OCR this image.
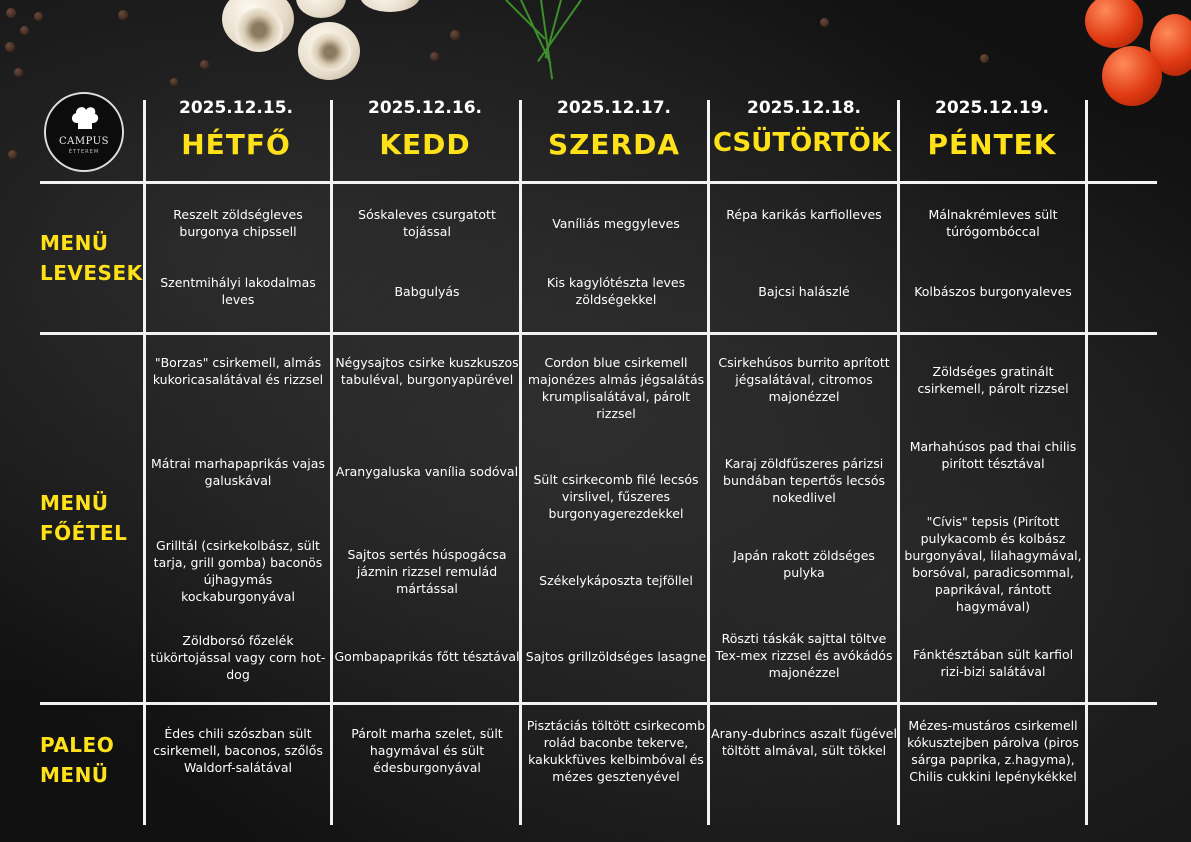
CAMPUS
ÉTTEREM
2025.12.15.
HÉTFŐ
2025.12.16.
KEDD
2025.12.17.
SZERDA
2025.12.18.
CSÜTÖRTÖK
2025.12.19.
PÉNTEK
MENÜ
LEVESEK
MENÜ
FŐÉTEL
PALEO
MENÜ
Reszelt zöldségleves burgonya chipssell
Szentmihályi lakodalmas leves
Sóskaleves csurgatott tojással
Babgulyás
Vaníliás meggyleves
Kis kagylótészta leves zöldségekkel
Répa karikás karfiolleves
Bajcsi halászlé
Málnakrémleves sült túrógombóccal
Kolbászos burgonyaleves
"Borzas" csirkemell, almás kukoricasalátával és rizzsel
Mátrai marhapaprikás vajas galuskával
Grilltál (csirkekolbász, sült tarja, grill gomba) baconös újhagymás kockaburgonyával
Zöldborsó főzelék tükörtojással vagy corn hot-dog
Négysajtos csirke kuszkuszos tabuléval, burgonyapürével
Aranygaluska vanília sodóval
Sajtos sertés húspogácsa jázmin rizzsel remulád mártással
Gombapaprikás főtt tésztával
Cordon blue csirkemell majonézes almás jégsalátás krumplisalátával, párolt rizzsel
Sült csirkecomb filé lecsós virslivel, fűszeres burgonyagerezdekkel
Székelykáposzta tejföllel
Sajtos grillzöldséges lasagne
Csirkehúsos burrito aprított jégsalátával, citromos majonézzel
Karaj zöldfűszeres párizsi bundában tepertős lecsós nokedlivel
Japán rakott zöldséges pulyka
Röszti táskák sajttal töltve Tex-mex rizzsel és avókádós majonézzel
Zöldséges gratinált csirkemell, párolt rizzsel
Marhahúsos pad thai chilis pirított tésztával
"Cívis" tepsis (Pirított pulykacomb és kolbász burgonyával, lilahagymával, borsóval, paradicsommal, paprikával, rántott hagymával)
Fánktésztában sült karfiol rizi-bizi salátával
Édes chili szószban sült csirkemell, baconos, szőlős Waldorf-salátával
Párolt marha szelet, sült hagymával és sült édesburgonyával
Pisztáciás töltött csirkecomb rolád baconbe tekerve, kakukkfüves kelbimbóval és mézes gesztenyével
Arany-dubrincs aszalt fügével töltött almával, sült tökkel
Mézes-mustáros csirkemell kókusztejben párolva (piros sárga paprika, z.hagyma), Chilis cukkini lepénykékkel
